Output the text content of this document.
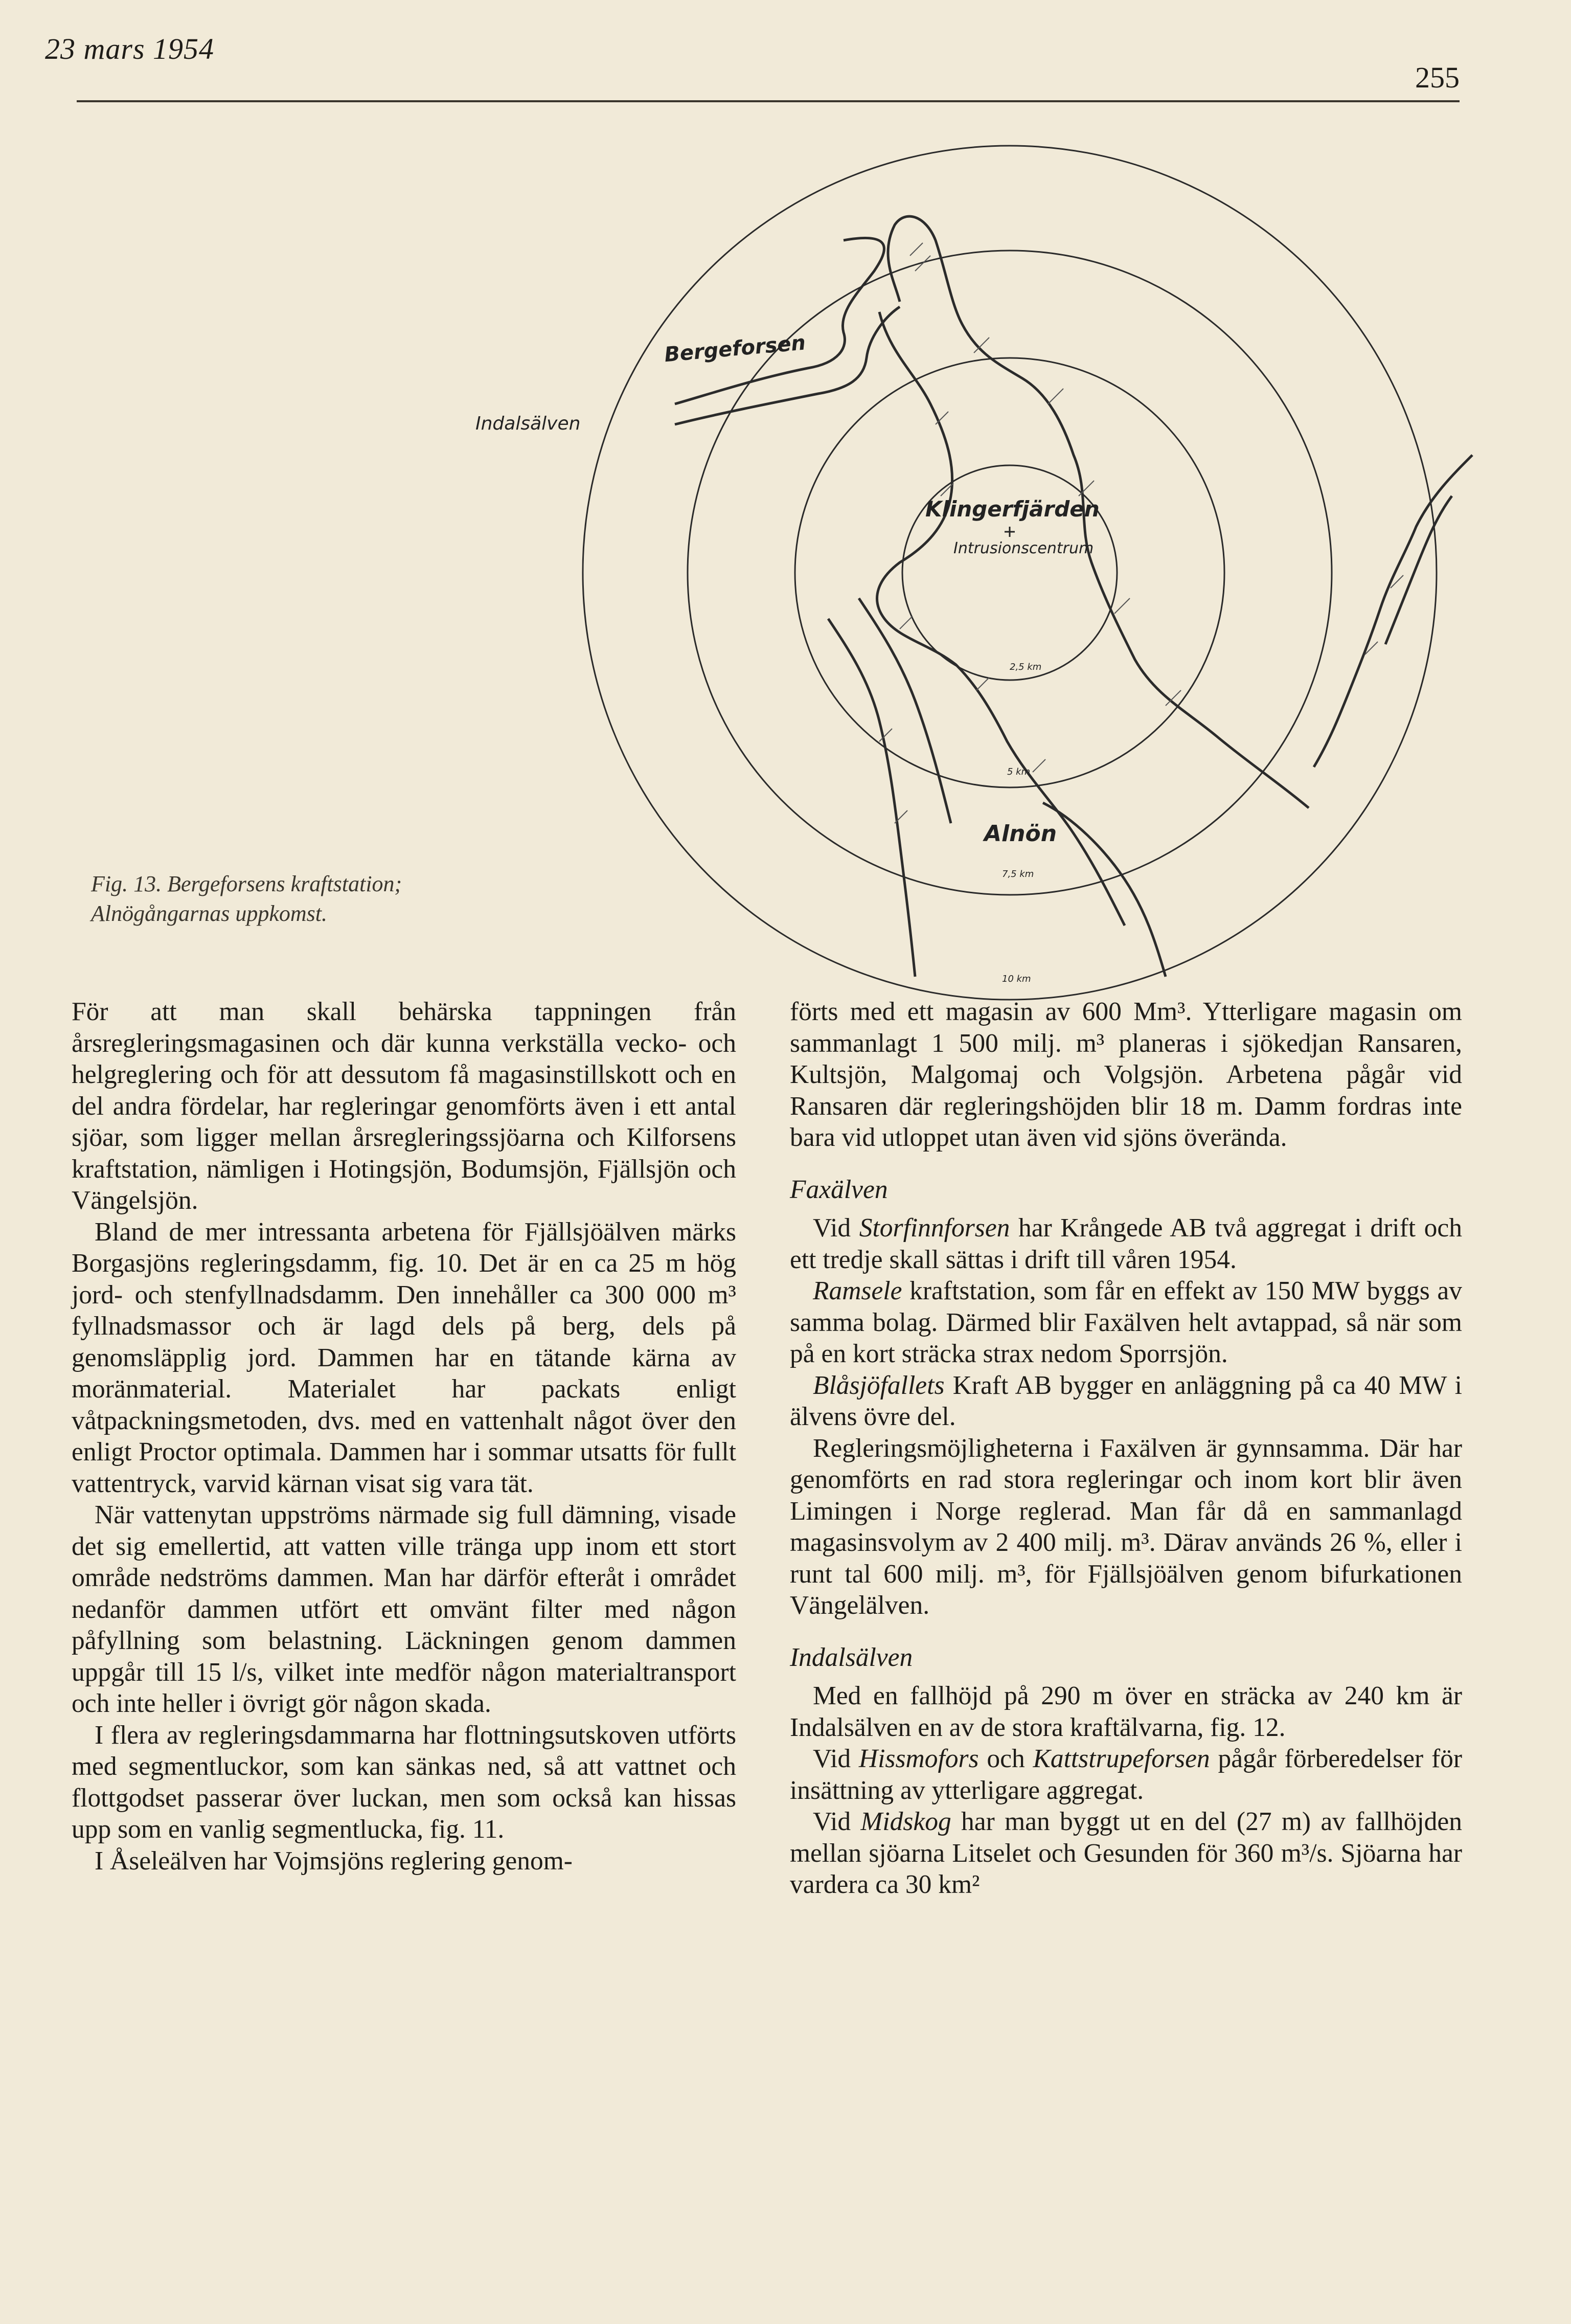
23 mars 1954
255
Bergeforsen
Indalsälven
Klingerfjärden
Intrusionscentrum
2,5 km
5 km
Alnön
7,5 km
10 km
Fig. 13. Bergeforsens kraftstation; Alnögångarnas uppkomst.

För att man skall behärska tappningen från årsregleringsmagasinen och där kunna verkställa vecko- och helgreglering och för att dessutom få magasinstillskott och en del andra fördelar, har regleringar genomförts även i ett antal sjöar, som ligger mellan årsregleringssjöarna och Kilforsens kraftstation, nämligen i Hotingsjön, Bodumsjön, Fjällsjön och Vängelsjön.

Bland de mer intressanta arbetena för Fjällsjöälven märks Borgasjöns regleringsdamm, fig. 10. Det är en ca 25 m hög jord- och stenfyllnadsdamm. Den innehåller ca 300 000 m³ fyllnadsmassor och är lagd dels på berg, dels på genomsläpplig jord. Dammen har en tätande kärna av moränmaterial. Materialet har packats enligt våtpackningsmetoden, dvs. med en vattenhalt något över den enligt Proctor optimala. Dammen har i sommar utsatts för fullt vattentryck, varvid kärnan visat sig vara tät.

När vattenytan uppströms närmade sig full dämning, visade det sig emellertid, att vatten ville tränga upp inom ett stort område nedströms dammen. Man har därför efteråt i området nedanför dammen utfört ett omvänt filter med någon påfyllning som belastning. Läckningen genom dammen uppgår till 15 l/s, vilket inte medför någon materialtransport och inte heller i övrigt gör någon skada.

I flera av regleringsdammarna har flottningsutskoven utförts med segmentluckor, som kan sänkas ned, så att vattnet och flottgodset passerar över luckan, men som också kan hissas upp som en vanlig segmentlucka, fig. 11.

I Åseleälven har Vojmsjöns reglering genom-

förts med ett magasin av 600 Mm³. Ytterligare magasin om sammanlagt 1 500 milj. m³ planeras i sjökedjan Ransaren, Kultsjön, Malgomaj och Volgsjön. Arbetena pågår vid Ransaren där regleringshöjden blir 18 m. Damm fordras inte bara vid utloppet utan även vid sjöns överända.

Faxälven

Vid Storfinnforsen har Krångede AB två aggregat i drift och ett tredje skall sättas i drift till våren 1954.

Ramsele kraftstation, som får en effekt av 150 MW byggs av samma bolag. Därmed blir Faxälven helt avtappad, så när som på en kort sträcka strax nedom Sporrsjön.

Blåsjöfallets Kraft AB bygger en anläggning på ca 40 MW i älvens övre del.

Regleringsmöjligheterna i Faxälven är gynnsamma. Där har genomförts en rad stora regleringar och inom kort blir även Limingen i Norge reglerad. Man får då en sammanlagd magasinsvolym av 2 400 milj. m³. Därav används 26 %, eller i runt tal 600 milj. m³, för Fjällsjöälven genom bifurkationen Vängelälven.

Indalsälven

Med en fallhöjd på 290 m över en sträcka av 240 km är Indalsälven en av de stora kraftälvarna, fig. 12.

Vid Hissmofors och Kattstrupeforsen pågår förberedelser för insättning av ytterligare aggregat.

Vid Midskog har man byggt ut en del (27 m) av fallhöjden mellan sjöarna Litselet och Gesunden för 360 m³/s. Sjöarna har vardera ca 30 km²
